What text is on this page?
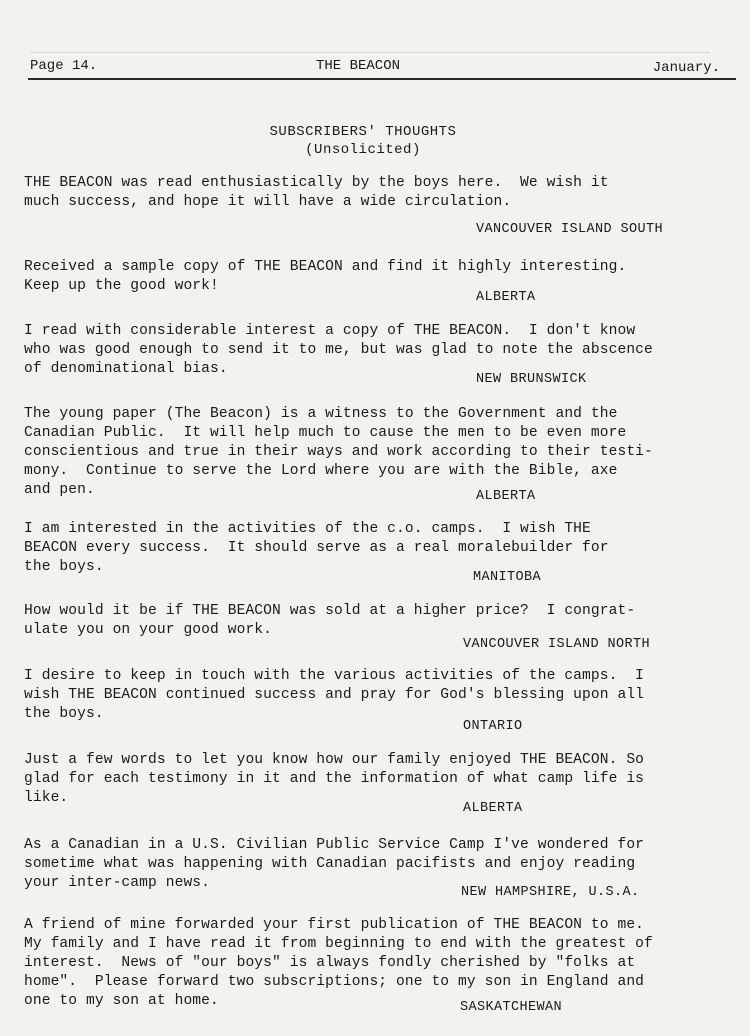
Page 14.	THE BEACON	January.
SUBSCRIBERS' THOUGHTS
(Unsolicited)

THE BEACON was read enthusiastically by the boys here.  We wish it

much success, and hope it will have a wide circulation.

VANCOUVER ISLAND SOUTH

Received a sample copy of THE BEACON and find it highly interesting.

Keep up the good work!

ALBERTA

I read with considerable interest a copy of THE BEACON.  I don't know

who was good enough to send it to me, but was glad to note the abscence

of denominational bias.

NEW BRUNSWICK

The young paper (The Beacon) is a witness to the Government and the

Canadian Public.  It will help much to cause the men to be even more

conscientious and true in their ways and work according to their testi-

mony.  Continue to serve the Lord where you are with the Bible, axe

and pen.	ALBERTA

I am interested in the activities of the c.o. camps.  I wish THE

BEACON every success.  It should serve as a real moralebuilder for

the boys.

MANITOBA

How would it be if THE BEACON was sold at a higher price?  I congrat-

ulate you on your good work.

VANCOUVER ISLAND NORTH

I desire to keep in touch with the various activities of the camps.  I

wish THE BEACON continued success and pray for God's blessing upon all

the boys.

ONTARIO

Just a few words to let you know how our family enjoyed THE BEACON. So

glad for each testimony in it and the information of what camp life is

like.

ALBERTA

As a Canadian in a U.S. Civilian Public Service Camp I've wondered for

sometime what was happening with Canadian pacifists and enjoy reading

your inter-camp news.

NEW HAMPSHIRE, U.S.A.

A friend of mine forwarded your first publication of THE BEACON to me.

My family and I have read it from beginning to end with the greatest of

interest.  News of "our boys" is always fondly cherished by "folks at

home".  Please forward two subscriptions; one to my son in England and

one to my son at home.	SASKATCHEWAN
